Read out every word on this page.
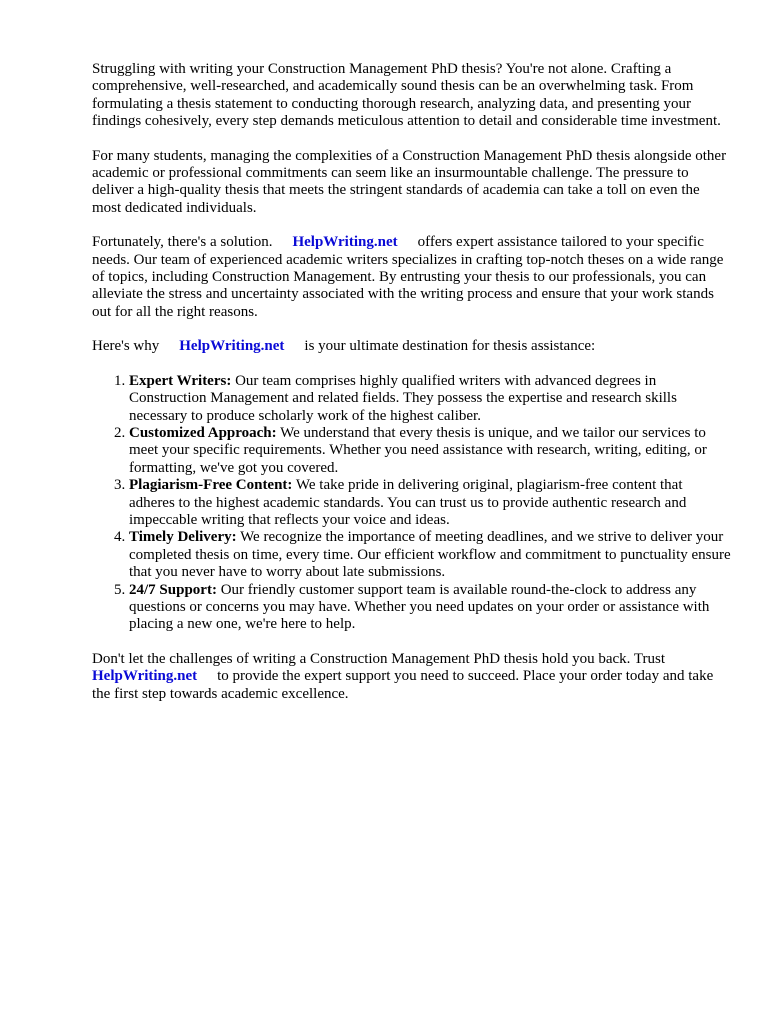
Struggling with writing your Construction Management PhD thesis? You're not alone. Crafting a comprehensive, well-researched, and academically sound thesis can be an overwhelming task. From formulating a thesis statement to conducting thorough research, analyzing data, and presenting your findings cohesively, every step demands meticulous attention to detail and considerable time investment.

For many students, managing the complexities of a Construction Management PhD thesis alongside other academic or professional commitments can seem like an insurmountable challenge. The pressure to deliver a high-quality thesis that meets the stringent standards of academia can take a toll on even the most dedicated individuals.

Fortunately, there's a solution. HelpWriting.net offers expert assistance tailored to your specific needs. Our team of experienced academic writers specializes in crafting top-notch theses on a wide range of topics, including Construction Management. By entrusting your thesis to our professionals, you can alleviate the stress and uncertainty associated with the writing process and ensure that your work stands out for all the right reasons.

Here's why HelpWriting.net is your ultimate destination for thesis assistance:

1. Expert Writers: Our team comprises highly qualified writers with advanced degrees in Construction Management and related fields. They possess the expertise and research skills necessary to produce scholarly work of the highest caliber.
2. Customized Approach: We understand that every thesis is unique, and we tailor our services to meet your specific requirements. Whether you need assistance with research, writing, editing, or formatting, we've got you covered.
3. Plagiarism-Free Content: We take pride in delivering original, plagiarism-free content that adheres to the highest academic standards. You can trust us to provide authentic research and impeccable writing that reflects your voice and ideas.
4. Timely Delivery: We recognize the importance of meeting deadlines, and we strive to deliver your completed thesis on time, every time. Our efficient workflow and commitment to punctuality ensure that you never have to worry about late submissions.
5. 24/7 Support: Our friendly customer support team is available round-the-clock to address any questions or concerns you may have. Whether you need updates on your order or assistance with placing a new one, we're here to help.

Don't let the challenges of writing a Construction Management PhD thesis hold you back. Trust HelpWriting.net to provide the expert support you need to succeed. Place your order today and take the first step towards academic excellence.
